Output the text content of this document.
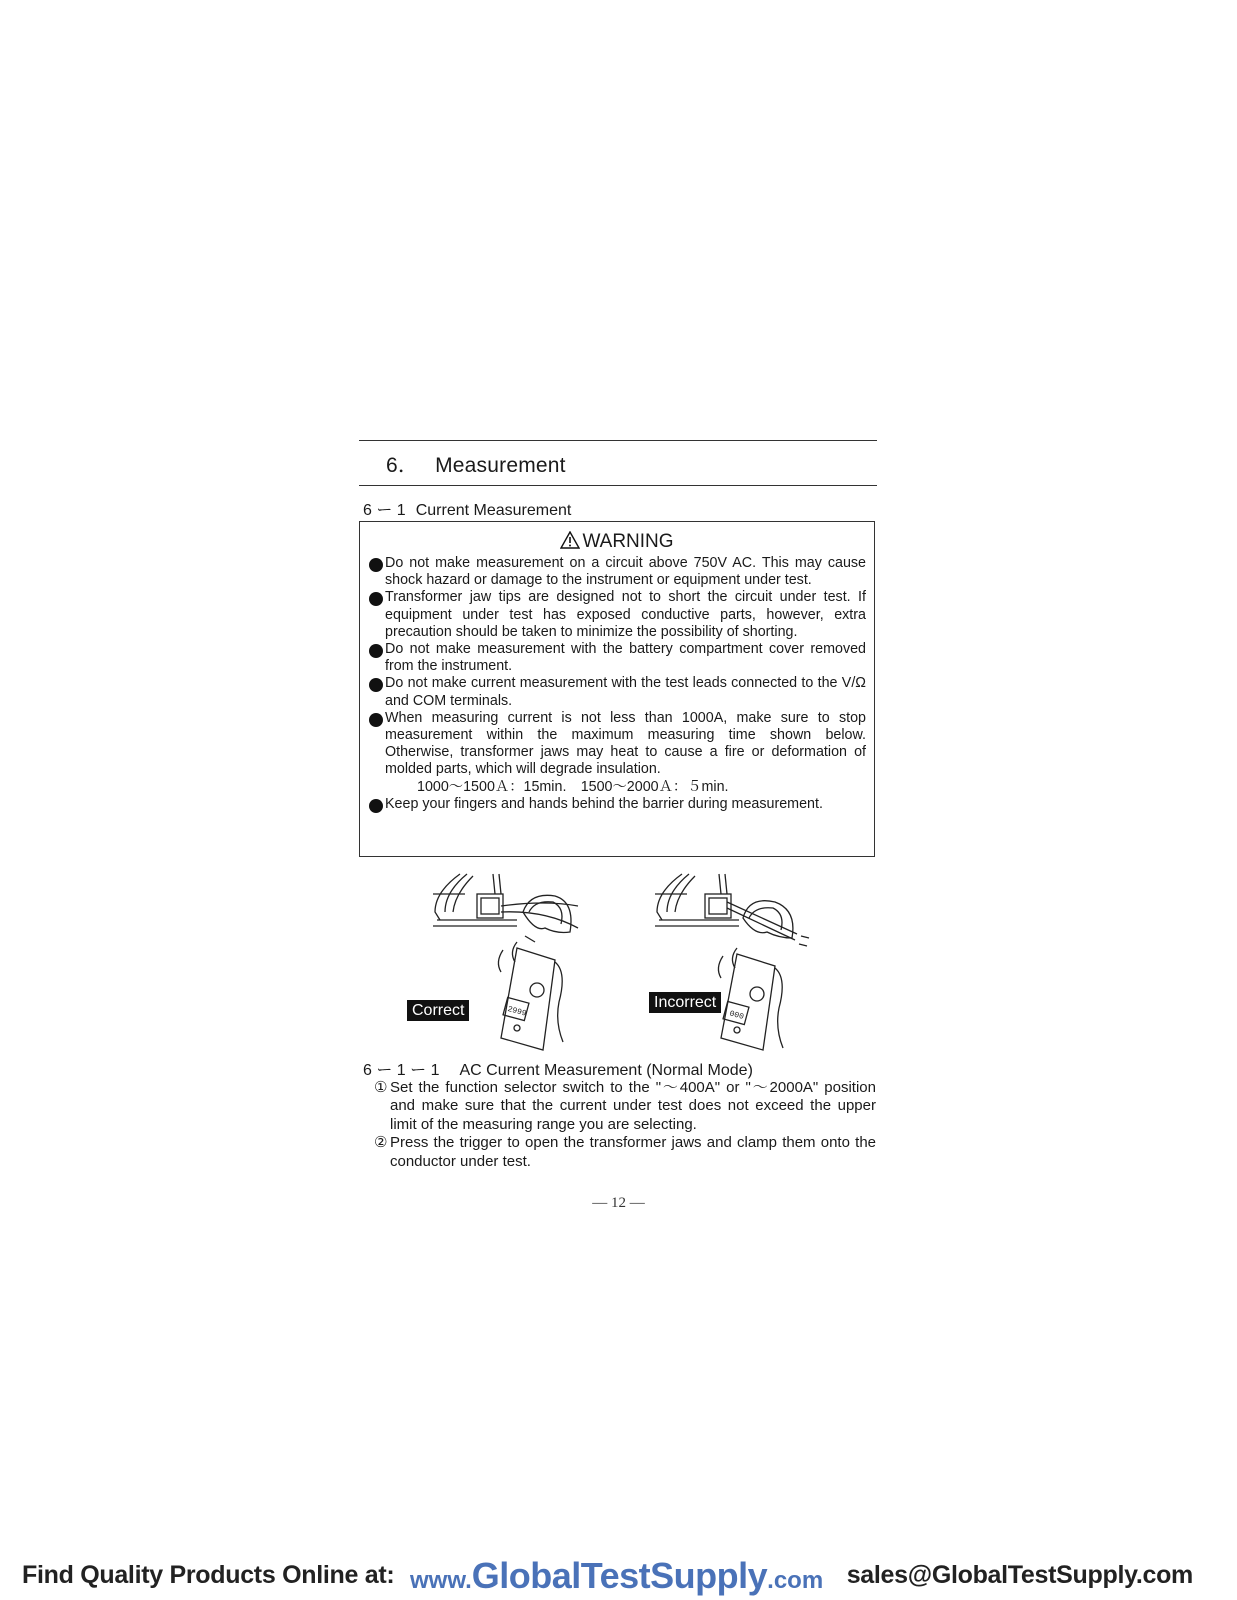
6． Measurement
6 ー 1 Current Measurement
WARNING
Do not make measurement on a circuit above 750V AC. This may cause shock hazard or damage to the instrument or equipment under test.
Transformer jaw tips are designed not to short the circuit under test. If equipment under test has exposed conductive parts, however, extra precaution should be taken to minimize the possibility of shorting.
Do not make measurement with the battery compartment cover removed from the instrument.
Do not make current measurement with the test leads connected to the V/Ω and COM terminals.
When measuring current is not less than 1000A, make sure to stop measurement within the maximum measuring time shown below. Otherwise, transformer jaws may heat to cause a fire or deformation of molded parts, which will degrade insulation.
1000～1500Ａ：15min.　1500～2000Ａ：５min.
Keep your fingers and hands behind the barrier during measurement.
2999
Correct	000
Incorrect
6 ー 1 ー 1 AC Current Measurement (Normal Mode)
① Set the function selector switch to the "～400A" or "～2000A" position and make sure that the current under test does not exceed the upper limit of the measuring range you are selecting.
② Press the trigger to open the transformer jaws and clamp them onto the conductor under test.
— 12 —
Find Quality Products Online at: www.GlobalTestSupply.com sales@GlobalTestSupply.com
